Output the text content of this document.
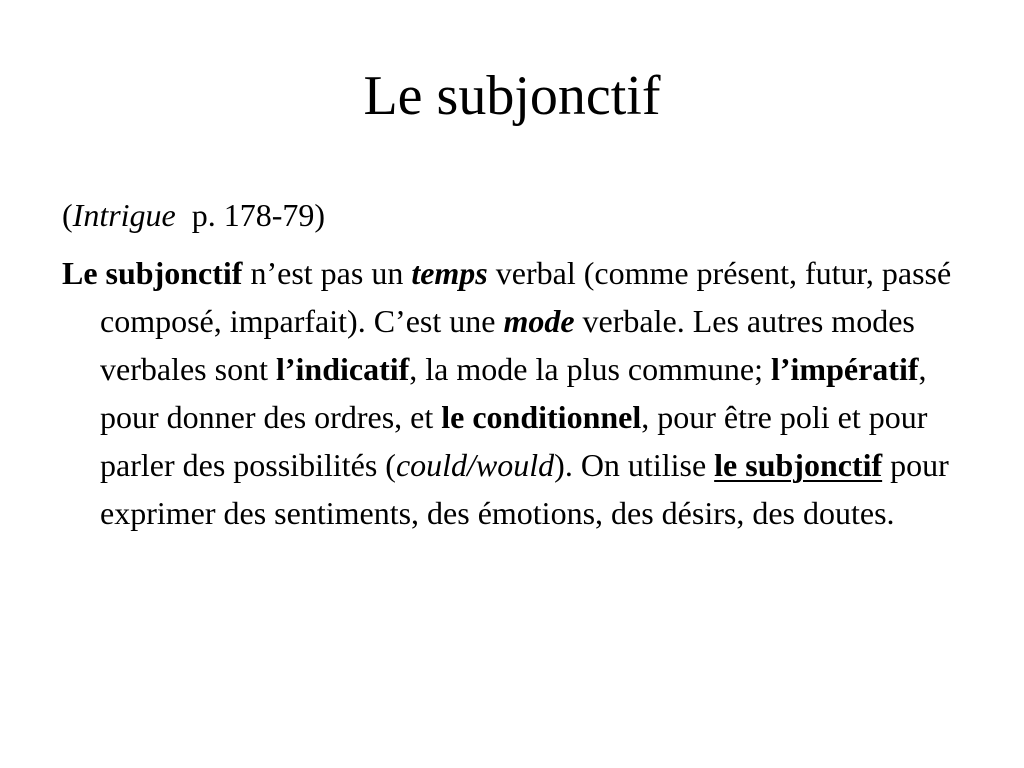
Le subjonctif

(Intrigue p. 178-79)

Le subjonctif n’est pas un temps verbal (comme présent, futur, passé composé, imparfait). C’est une mode verbale. Les autres modes verbales sont l’indicatif, la mode la plus commune; l’impératif, pour donner des ordres, et le conditionnel, pour être poli et pour parler des possibilités (could/would). On utilise le subjonctif pour exprimer des sentiments, des émotions, des désirs, des doutes.
